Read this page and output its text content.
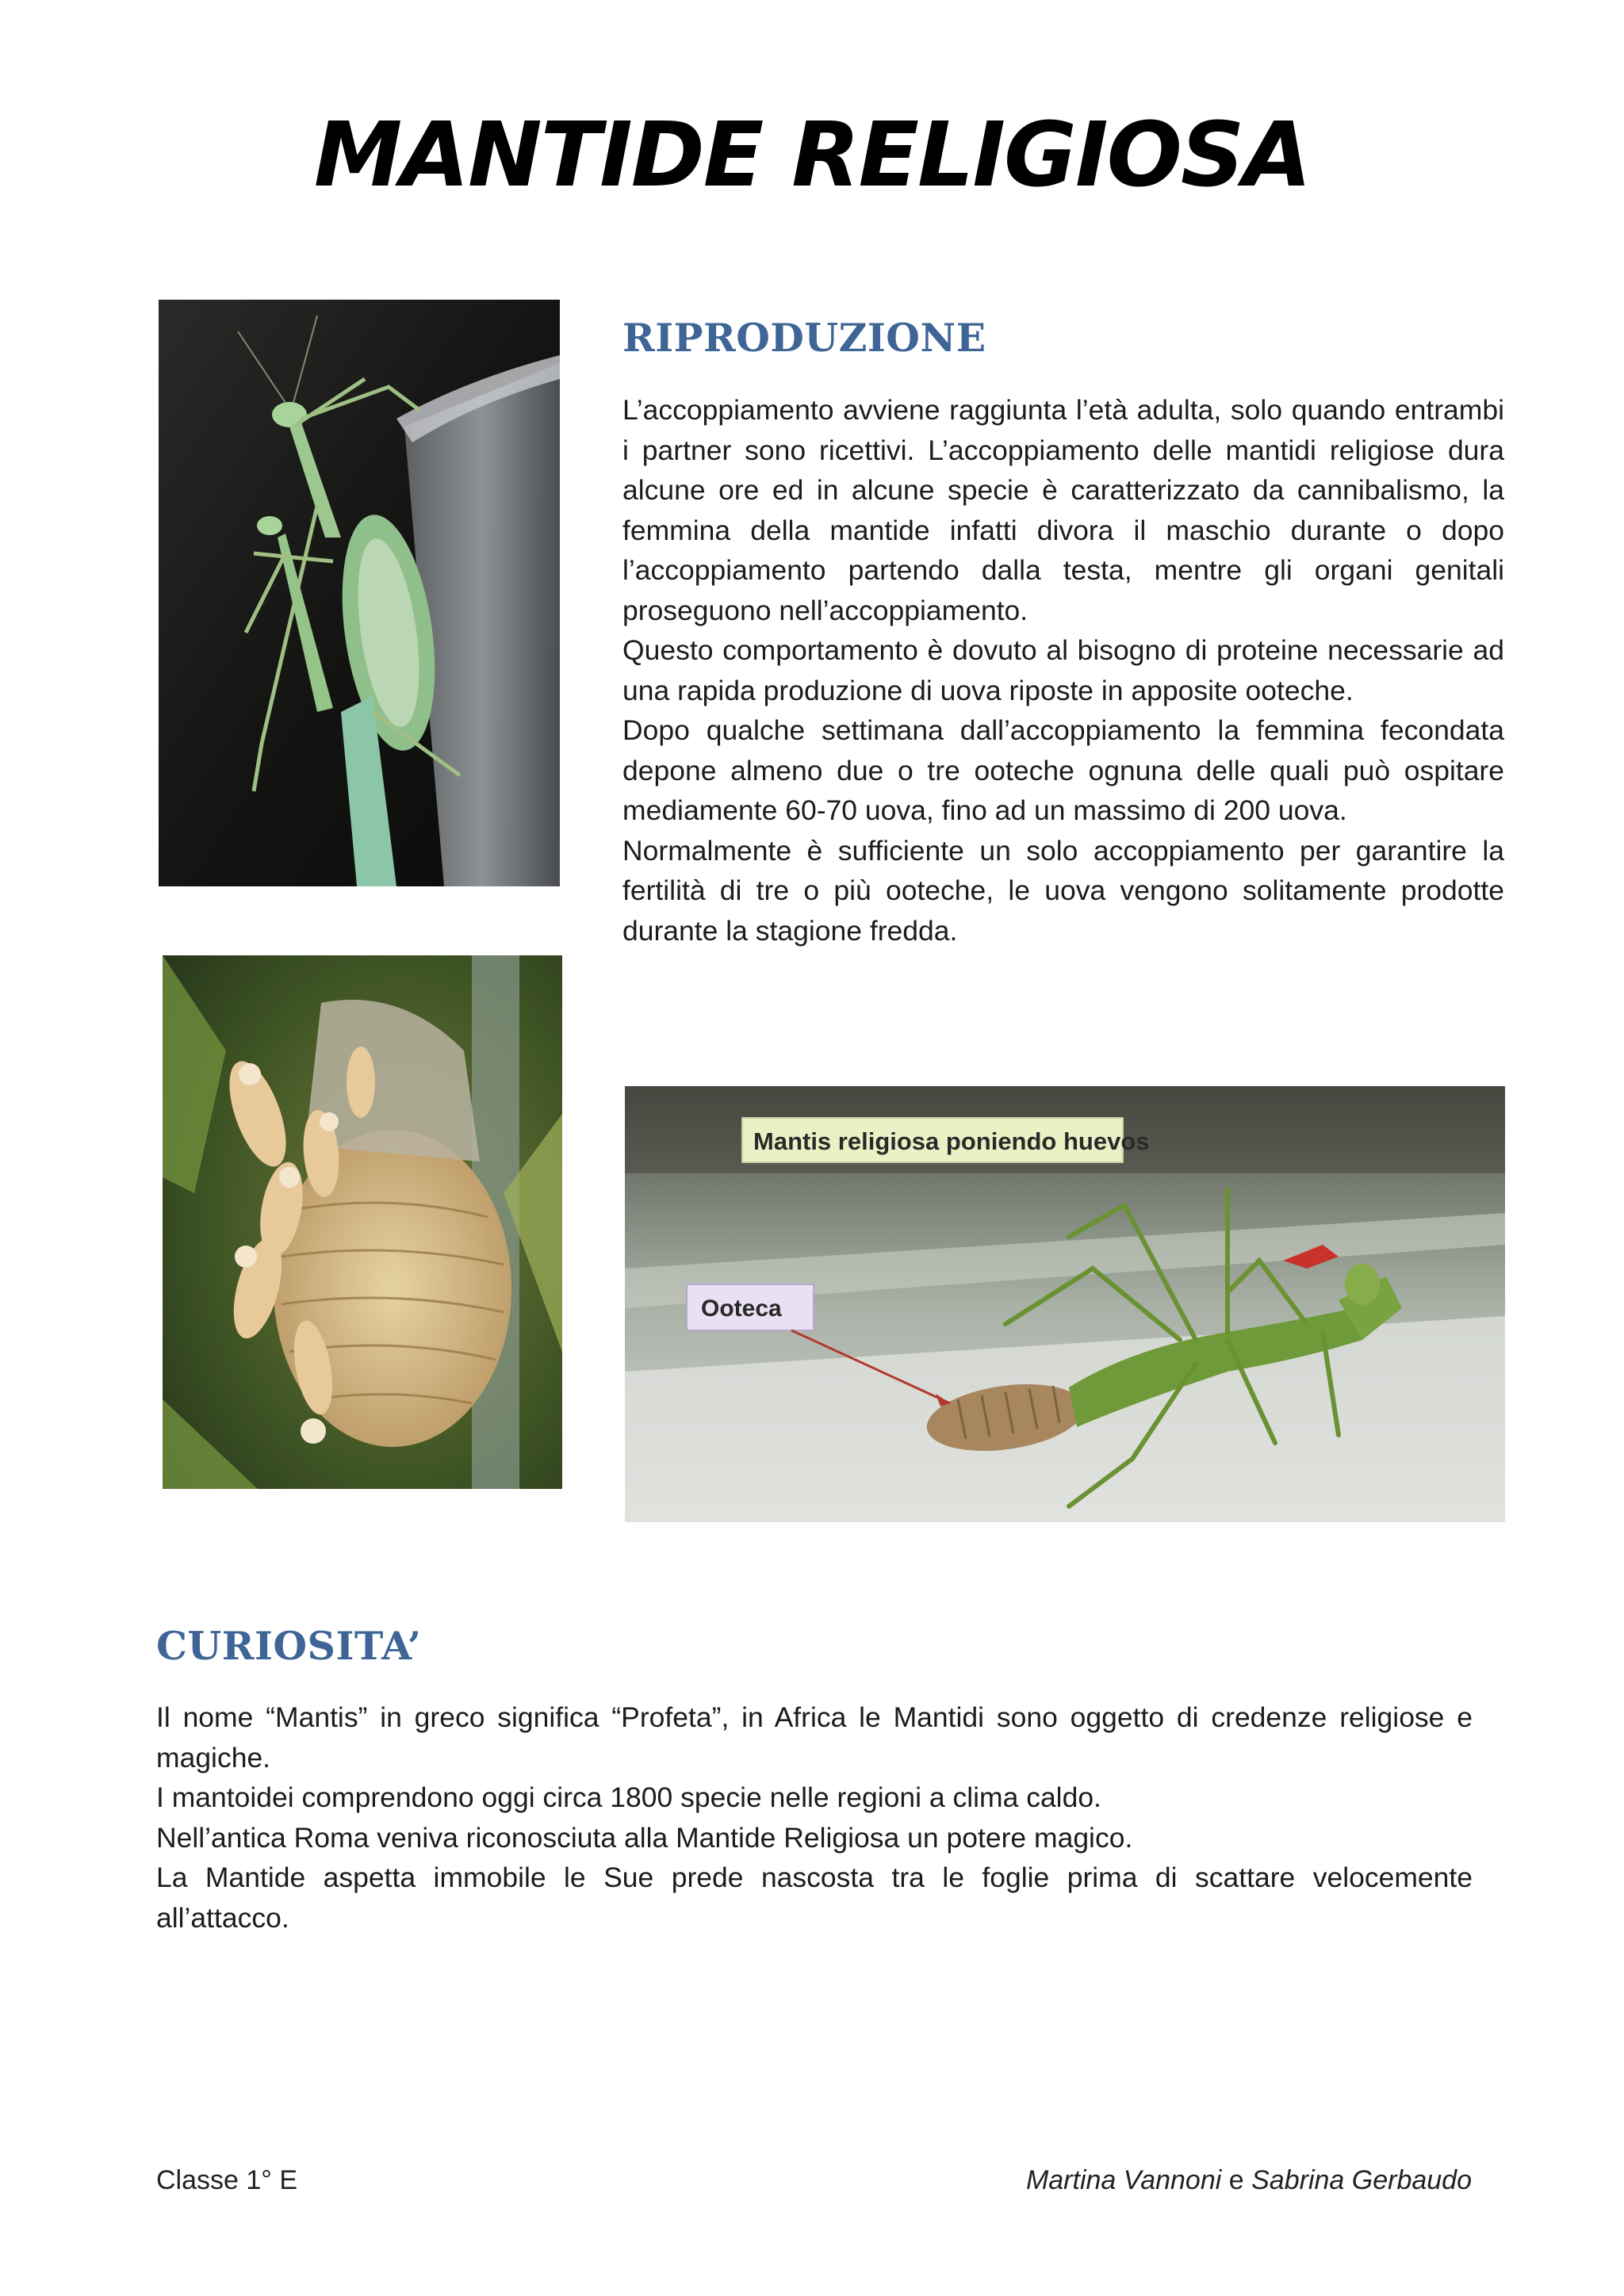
MANTIDE RELIGIOSA
Mantis religiosa poniendo huevos
Ooteca
RIPRODUZIONE

L’accoppiamento avviene raggiunta l’età adulta, solo quando entrambi i partner sono ricettivi. L’accoppiamento delle mantidi religiose dura alcune ore ed in alcune specie è caratterizzato da cannibalismo, la femmina della mantide infatti divora il maschio durante o dopo l’accoppiamento partendo dalla testa, mentre gli organi genitali proseguono nell’accoppiamento.

Questo comportamento è dovuto al bisogno di proteine necessarie ad una rapida produzione di uova riposte in apposite ooteche.

Dopo qualche settimana dall’accoppiamento la femmina fecondata depone almeno due o tre ooteche ognuna delle quali può ospitare mediamente 60-70 uova, fino ad un massimo di 200 uova.

Normalmente è sufficiente un solo accoppiamento per garantire la fertilità di tre o più ooteche, le uova vengono solitamente prodotte durante la stagione fredda.

CURIOSITA’

Il nome “Mantis” in greco significa “Profeta”, in Africa le Mantidi sono oggetto di credenze religiose e magiche.

I mantoidei comprendono oggi circa 1800 specie nelle regioni a clima caldo.

Nell’antica Roma veniva riconosciuta alla Mantide Religiosa un potere magico.

La Mantide aspetta immobile le Sue prede nascosta tra le foglie prima di scattare velocemente all’attacco.

Classe 1° E	Martina Vannoni e Sabrina Gerbaudo
